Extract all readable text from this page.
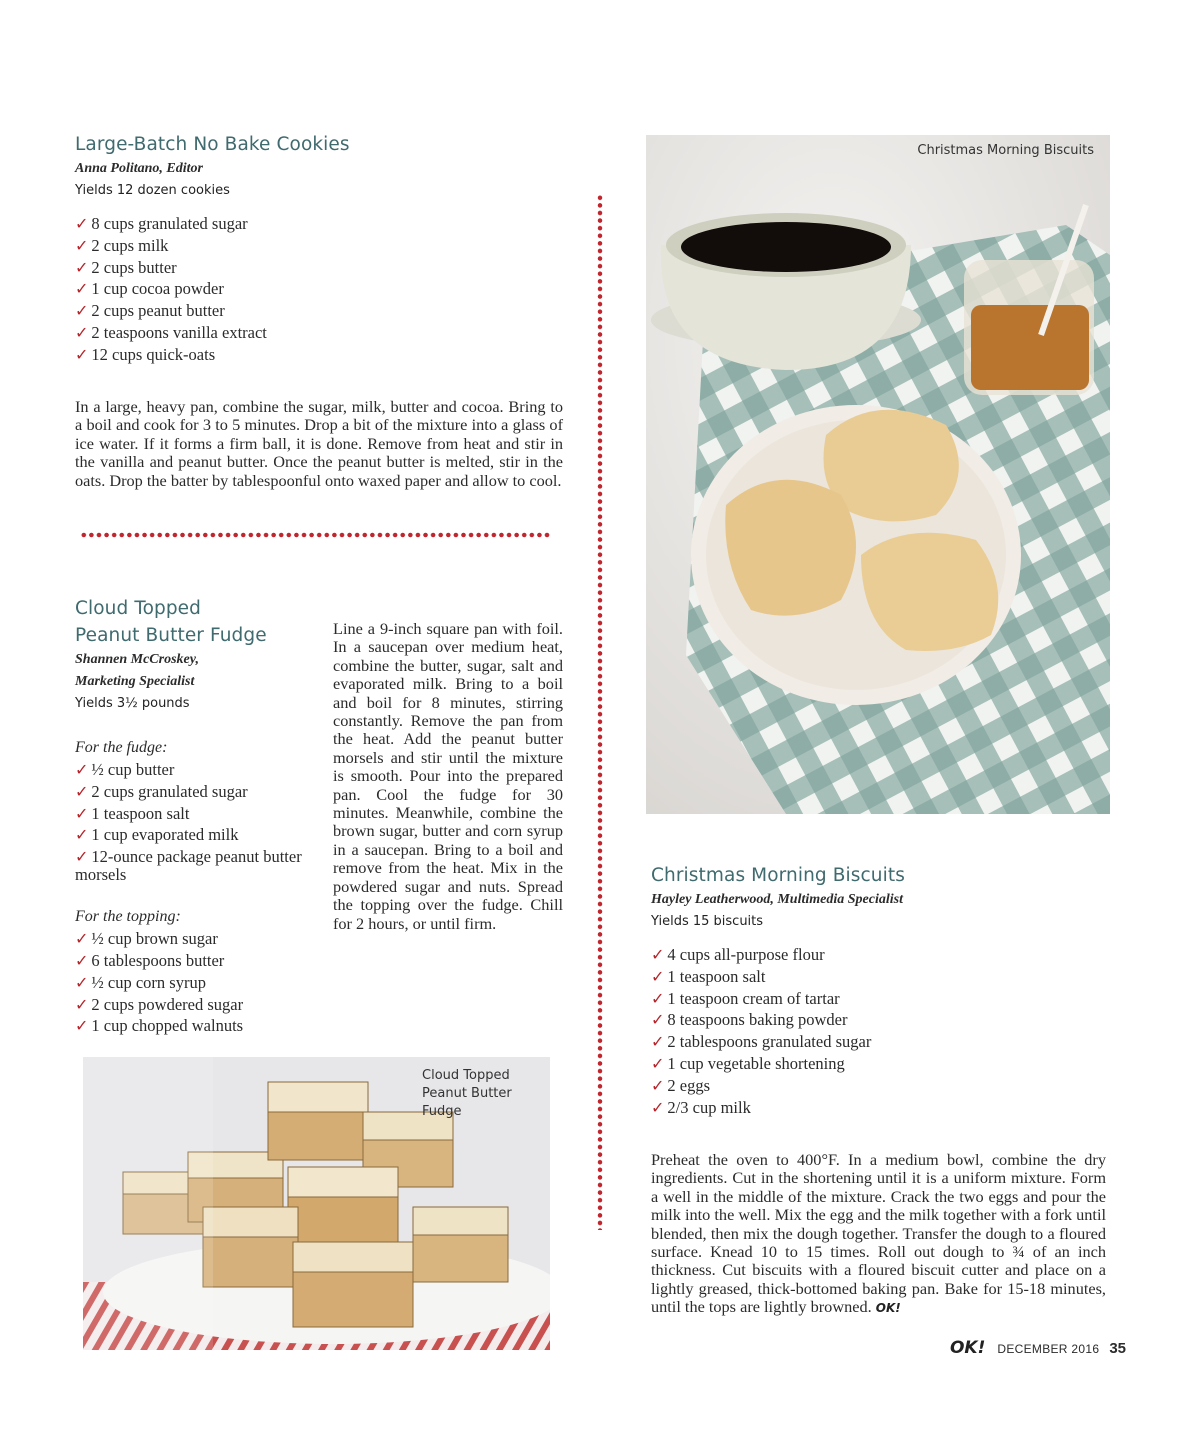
Large-Batch No Bake Cookies
Anna Politano, Editor
Yields 12 dozen cookies
✓ 8 cups granulated sugar
✓ 2 cups milk
✓ 2 cups butter
✓ 1 cup cocoa powder
✓ 2 cups peanut butter
✓ 2 teaspoons vanilla extract
✓ 12 cups quick-oats

In a large, heavy pan, combine the sugar, milk, butter and cocoa. Bring to a boil and cook for 3 to 5 minutes. Drop a bit of the mixture into a glass of ice water. If it forms a firm ball, it is done. Remove from heat and stir in the vanilla and peanut butter. Once the peanut butter is melted, stir in the oats. Drop the batter by tablespoonful onto waxed paper and allow to cool.

Cloud Topped
Peanut Butter Fudge
Shannen McCroskey,
Marketing Specialist
Yields 3½ pounds
For the fudge:
✓ ½ cup butter
✓ 2 cups granulated sugar
✓ 1 teaspoon salt
✓ 1 cup evaporated milk
✓ 12-ounce package peanut butter morsels
For the topping:
✓ ½ cup brown sugar
✓ 6 tablespoons butter
✓ ½ cup corn syrup
✓ 2 cups powdered sugar
✓ 1 cup chopped walnuts

Line a 9-inch square pan with foil. In a saucepan over medium heat, combine the butter, sugar, salt and evaporated milk. Bring to a boil and boil for 8 minutes, stirring constantly. Remove the pan from the heat. Add the peanut butter morsels and stir until the mixture is smooth. Pour into the prepared pan. Cool the fudge for 30 minutes. Meanwhile, combine the brown sugar, butter and corn syrup in a saucepan. Bring to a boil and remove from the heat. Mix in the powdered sugar and nuts. Spread the topping over the fudge. Chill for 2 hours, or until firm.

Cloud Topped Peanut Butter Fudge
Christmas Morning Biscuits
Christmas Morning Biscuits
Hayley Leatherwood, Multimedia Specialist
Yields 15 biscuits
✓ 4 cups all-purpose flour
✓ 1 teaspoon salt
✓ 1 teaspoon cream of tartar
✓ 8 teaspoons baking powder
✓ 2 tablespoons granulated sugar
✓ 1 cup vegetable shortening
✓ 2 eggs
✓ 2/3 cup milk

Preheat the oven to 400°F. In a medium bowl, combine the dry ingredients. Cut in the shortening until it is a uniform mixture. Form a well in the middle of the mixture. Crack the two eggs and pour the milk into the well. Mix the egg and the milk together with a fork until blended, then mix the dough together. Transfer the dough to a floured surface. Knead 10 to 15 times. Roll out dough to ¾ of an inch thickness. Cut biscuits with a floured biscuit cutter and place on a lightly greased, thick-bottomed baking pan. Bake for 15-18 minutes, until the tops are lightly browned. OK!

OK! DECEMBER 2016 35
